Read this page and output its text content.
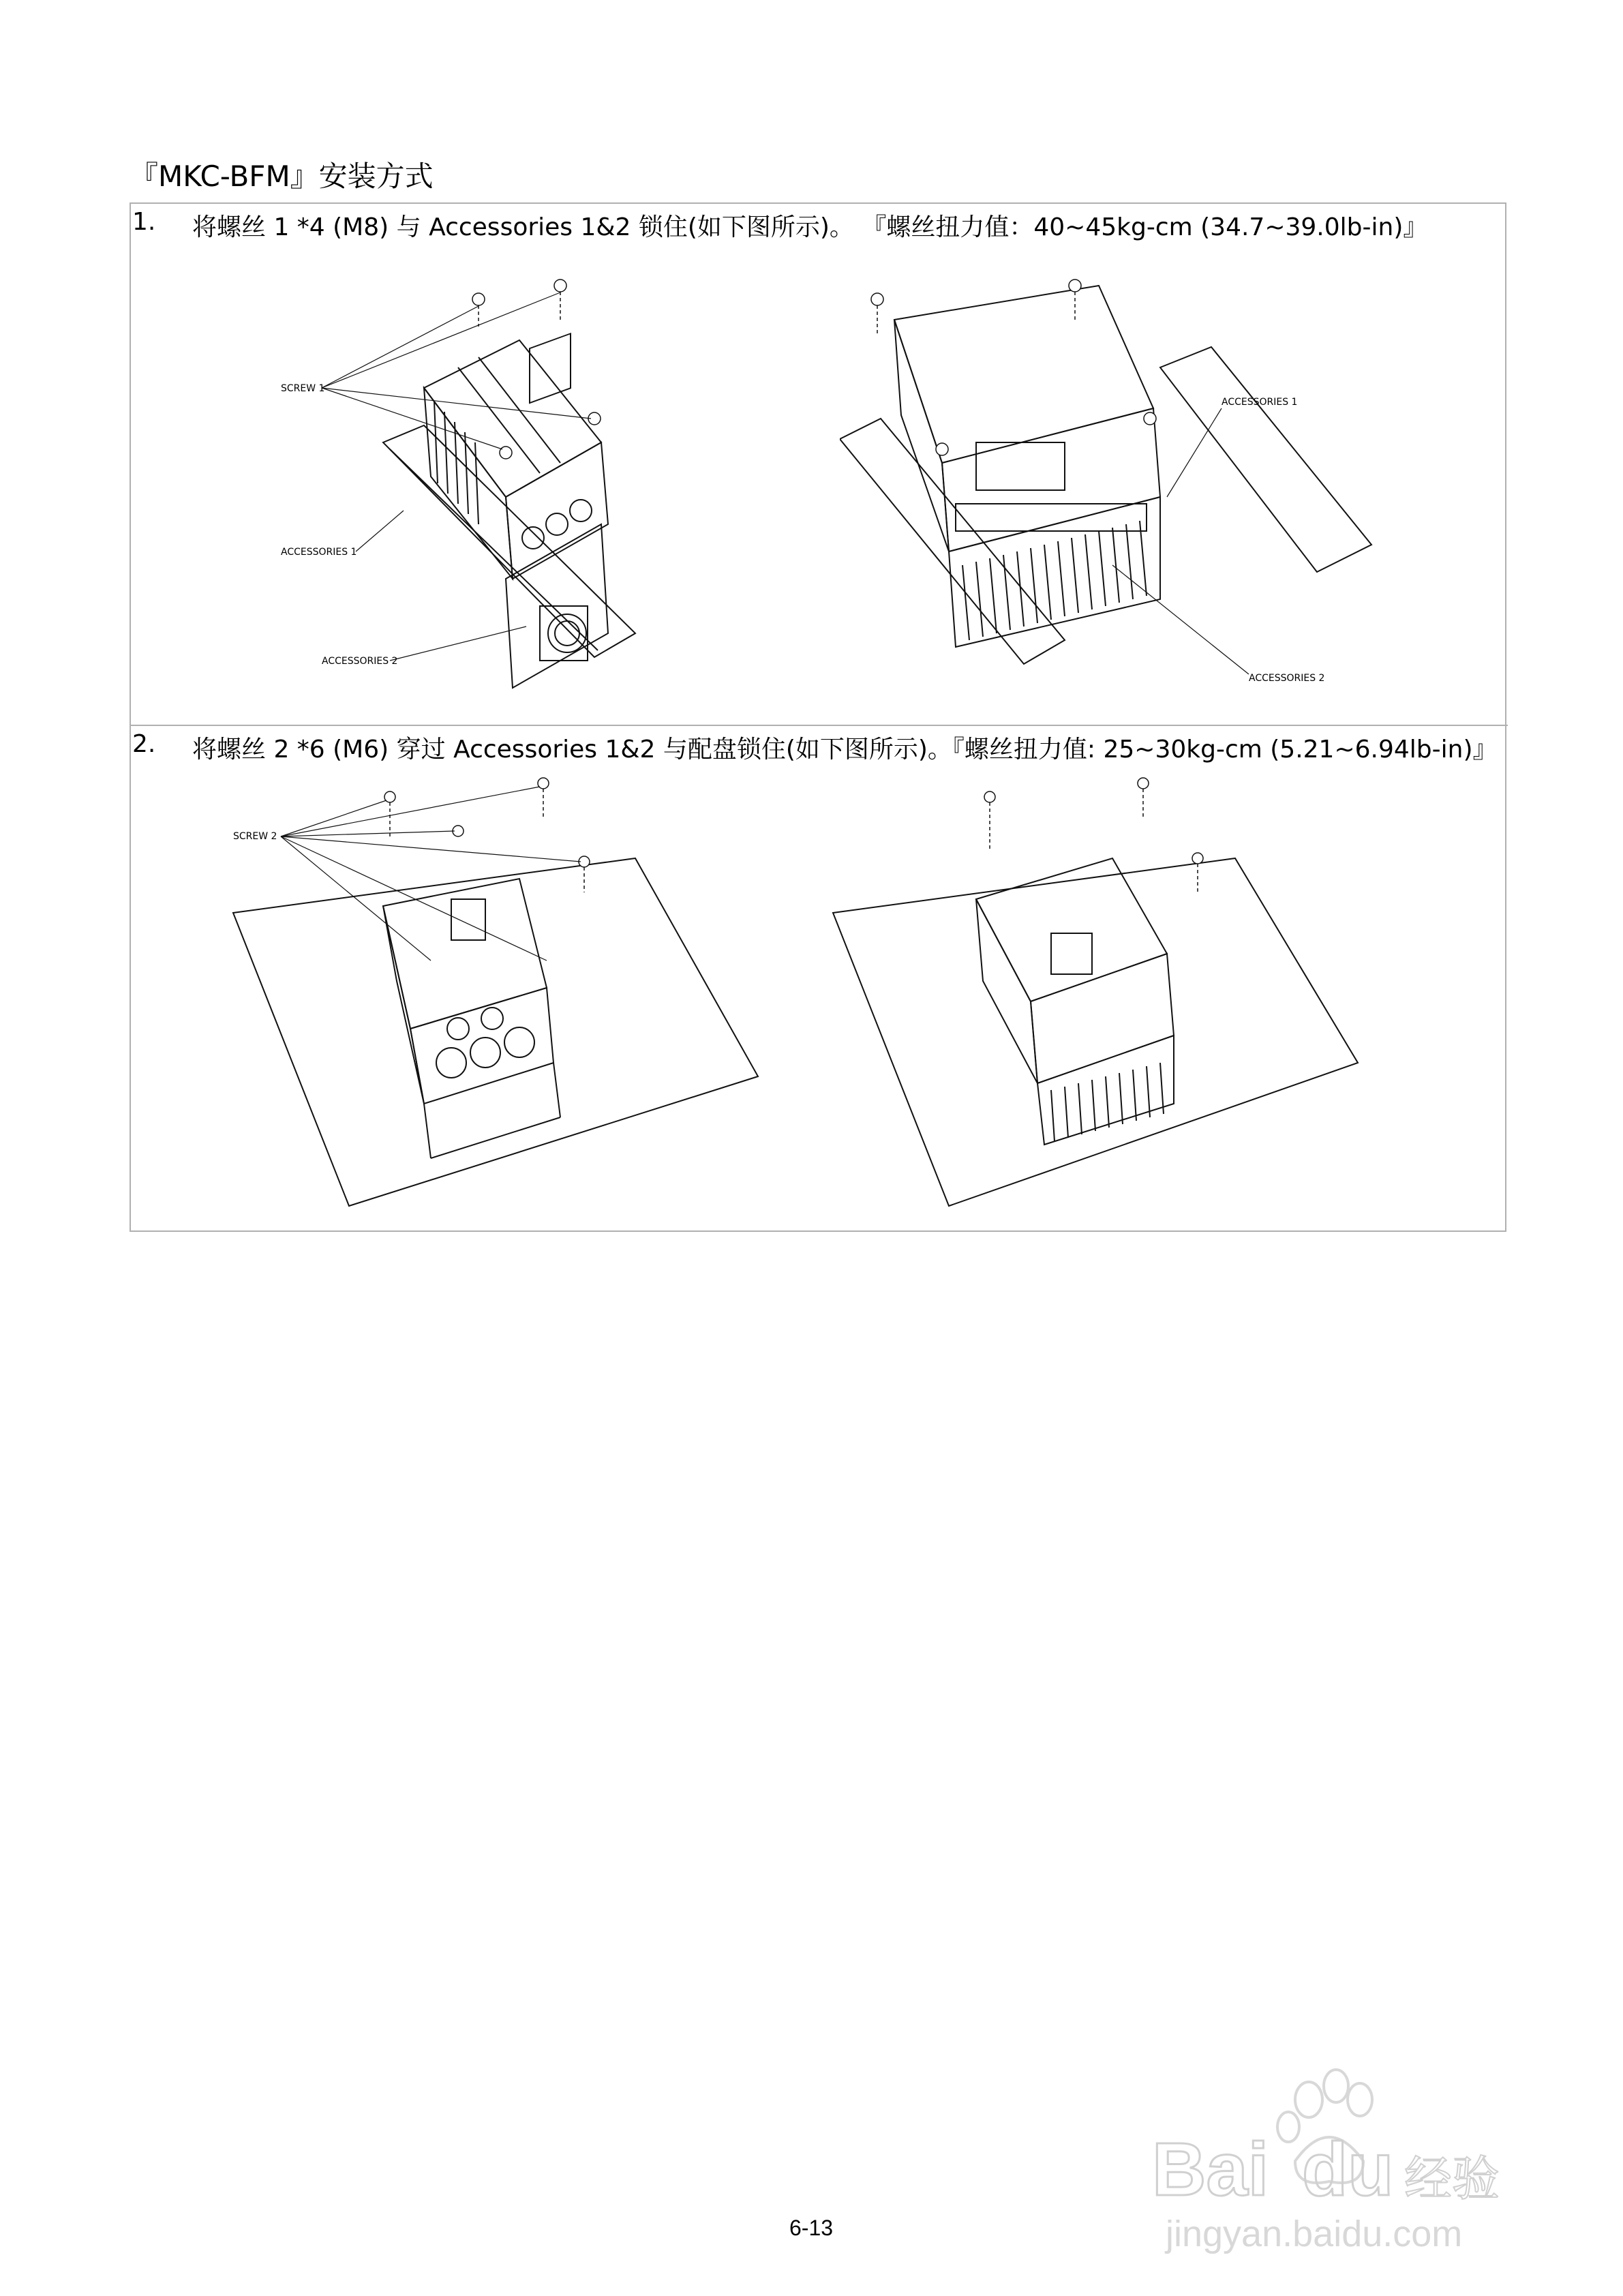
『MKC-BFM』安装方式
1. 将螺丝 1 *4 (M8) 与 Accessories 1&2 锁住(如下图所示)。 『螺丝扭力值：40~45kg-cm (34.7~39.0lb-in)』
SCREW 1
ACCESSORIES 1
ACCESSORIES 2
ACCESSORIES 1
ACCESSORIES 2
2. 将螺丝 2 *6 (M6) 穿过 Accessories 1&2 与配盘锁住(如下图所示)。『螺丝扭力值: 25~30kg-cm (5.21~6.94lb-in)』
SCREW 2
Bai du 经验
jingyan.baidu.com
6-13
